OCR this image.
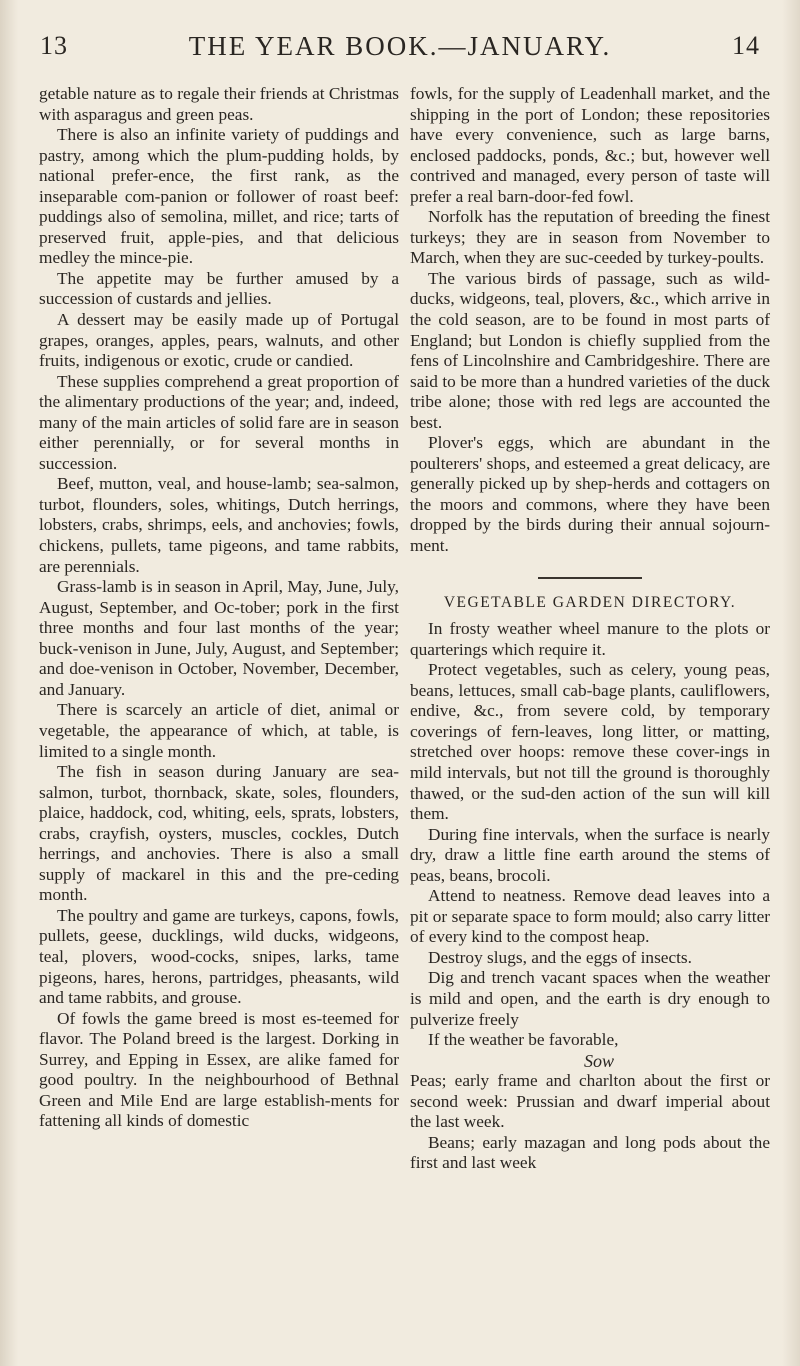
13	THE YEAR BOOK.—JANUARY.	14

getable nature as to regale their friends at Christmas with asparagus and green peas.

There is also an infinite variety of puddings and pastry, among which the plum-pudding holds, by national prefer-ence, the first rank, as the inseparable com-panion or follower of roast beef: puddings also of semolina, millet, and rice; tarts of preserved fruit, apple-pies, and that delicious medley the mince-pie.

The appetite may be further amused by a succession of custards and jellies.

A dessert may be easily made up of Portugal grapes, oranges, apples, pears, walnuts, and other fruits, indigenous or exotic, crude or candied.

These supplies comprehend a great proportion of the alimentary productions of the year; and, indeed, many of the main articles of solid fare are in season either perennially, or for several months in succession.

Beef, mutton, veal, and house-lamb; sea-salmon, turbot, flounders, soles, whitings, Dutch herrings, lobsters, crabs, shrimps, eels, and anchovies; fowls, chickens, pullets, tame pigeons, and tame rabbits, are perennials.

Grass-lamb is in season in April, May, June, July, August, September, and Oc-tober; pork in the first three months and four last months of the year; buck-venison in June, July, August, and September; and doe-venison in October, November, December, and January.

There is scarcely an article of diet, animal or vegetable, the appearance of which, at table, is limited to a single month.

The fish in season during January are sea-salmon, turbot, thornback, skate, soles, flounders, plaice, haddock, cod, whiting, eels, sprats, lobsters, crabs, crayfish, oysters, muscles, cockles, Dutch herrings, and anchovies. There is also a small supply of mackarel in this and the pre-ceding month.

The poultry and game are turkeys, capons, fowls, pullets, geese, ducklings, wild ducks, widgeons, teal, plovers, wood-cocks, snipes, larks, tame pigeons, hares, herons, partridges, pheasants, wild and tame rabbits, and grouse.

Of fowls the game breed is most es-teemed for flavor. The Poland breed is the largest. Dorking in Surrey, and Epping in Essex, are alike famed for good poultry. In the neighbourhood of Bethnal Green and Mile End are large establish-ments for fattening all kinds of domestic

fowls, for the supply of Leadenhall market, and the shipping in the port of London; these repositories have every convenience, such as large barns, enclosed paddocks, ponds, &c.; but, however well contrived and managed, every person of taste will prefer a real barn-door-fed fowl.

Norfolk has the reputation of breeding the finest turkeys; they are in season from November to March, when they are suc-ceeded by turkey-poults.

The various birds of passage, such as wild-ducks, widgeons, teal, plovers, &c., which arrive in the cold season, are to be found in most parts of England; but London is chiefly supplied from the fens of Lincolnshire and Cambridgeshire. There are said to be more than a hundred varieties of the duck tribe alone; those with red legs are accounted the best.

Plover's eggs, which are abundant in the poulterers' shops, and esteemed a great delicacy, are generally picked up by shep-herds and cottagers on the moors and commons, where they have been dropped by the birds during their annual sojourn-ment.

VEGETABLE GARDEN DIRECTORY.

In frosty weather wheel manure to the plots or quarterings which require it.

Protect vegetables, such as celery, young peas, beans, lettuces, small cab-bage plants, cauliflowers, endive, &c., from severe cold, by temporary coverings of fern-leaves, long litter, or matting, stretched over hoops: remove these cover-ings in mild intervals, but not till the ground is thoroughly thawed, or the sud-den action of the sun will kill them.

During fine intervals, when the surface is nearly dry, draw a little fine earth around the stems of peas, beans, brocoli.

Attend to neatness. Remove dead leaves into a pit or separate space to form mould; also carry litter of every kind to the compost heap.

Destroy slugs, and the eggs of insects.

Dig and trench vacant spaces when the weather is mild and open, and the earth is dry enough to pulverize freely

If the weather be favorable,

Sow

Peas; early frame and charlton about the first or second week: Prussian and dwarf imperial about the last week.

Beans; early mazagan and long pods about the first and last week
